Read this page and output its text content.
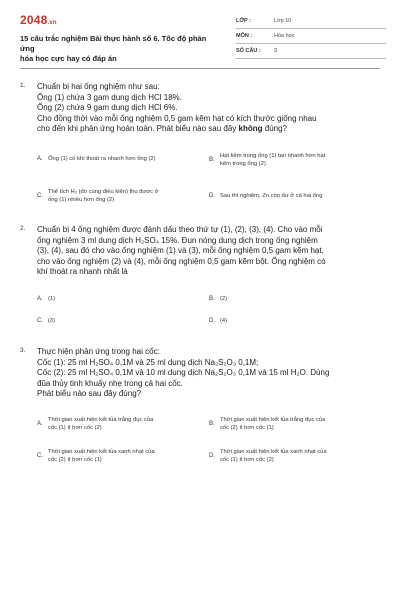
2048.vn
15 câu trắc nghiệm Bài thực hành số 6. Tốc độ phản ứng
hóa học cực hay có đáp án
LỚP :	Lớp 10
MÔN :	Hóa học
SỐ CÂU : 3
1. Chuẩn bị hai ống nghiệm như sau:
Ống (1) chứa 3 gam dung dịch HCl 18%.
Ống (2) chứa 9 gam dung dịch HCl 6%.
Cho đồng thời vào mỗi ống nghiệm 0,5 gam kẽm hạt có kích thước giống nhau
cho đến khi phản ứng hoàn toàn. Phát biểu nào sau đây không đúng?
A. Ống (1) có khí thoát ra nhanh hơn ống (2)	B.
Hạt kẽm trong ống (1) tan nhanh hơn hạt
kẽm trong ống (2)
C.
Thể tích H₂ (đo cùng điều kiện) thu được ở
ống (1) nhiều hơn ống (2)
D. Sau thí nghiệm, Zn còn dư ở cả hai ống
2. Chuẩn bị 4 ống nghiệm được đánh dấu theo thứ tự (1), (2), (3), (4). Cho vào mỗi
ống nghiệm 3 ml dung dịch H₂SO₄ 15%. Đun nóng dung dịch trong ống nghiệm
(3), (4), sau đó cho vào ống nghiệm (1) và (3), mỗi ống nghiệm 0,5 gam kẽm hạt,
cho vào ống nghiệm (2) và (4), mỗi ống nghiệm 0,5 gam kẽm bột. Ống nghiệm có
khí thoát ra nhanh nhất là
A. (1)	B. (2)
C. (3)	D. (4)
3. Thực hiện phản ứng trong hai cốc:
Cốc (1): 25 ml H₂SO₄ 0,1M và 25 ml dung dịch Na₂S₂O₃ 0,1M;
Cốc (2): 25 ml H₂SO₄ 0,1M và 10 ml dung dịch Na₂S₂O₃ 0,1M và 15 ml H₂O. Dùng
đũa thủy tinh khuấy nhẹ trong cả hai cốc.
Phát biểu nào sau đây đúng?
A.
Thời gian xuất hiện kết tủa trắng đục của
cốc (1) ít hơn cốc (2)
B.
Thời gian xuất hiện kết tủa trắng đục của
cốc (2) ít hơn cốc (1)
C.
Thời gian xuất hiện kết tủa xanh nhạt của
cốc (2) ít hơn cốc (1)
D.
Thời gian xuất hiện kết tủa xanh nhạt của
cốc (1) ít hơn cốc (2)
